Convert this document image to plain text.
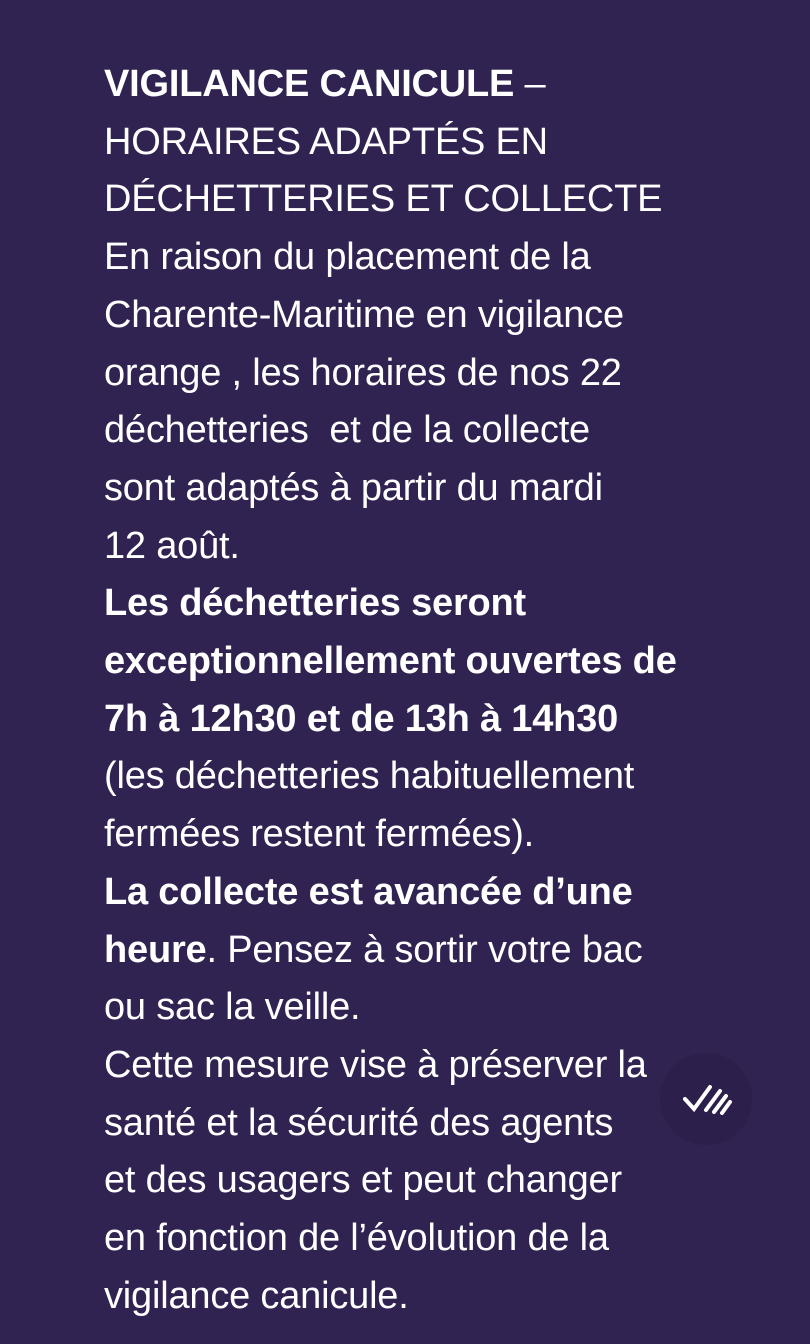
VIGILANCE CANICULE –

HORAIRES ADAPTÉS EN

DÉCHETTERIES ET COLLECTE

En raison du placement de la

Charente-Maritime en vigilance

orange , les horaires de nos 22

déchetteries  et de la collecte

sont adaptés à partir du mardi

12 août.

Les déchetteries seront

exceptionnellement ouvertes de

7h à 12h30 et de 13h à 14h30

(les déchetteries habituellement

fermées restent fermées).

La collecte est avancée d’une

heure. Pensez à sortir votre bac

ou sac la veille.

Cette mesure vise à préserver la

santé et la sécurité des agents

et des usagers et peut changer

en fonction de l’évolution de la

vigilance canicule.
